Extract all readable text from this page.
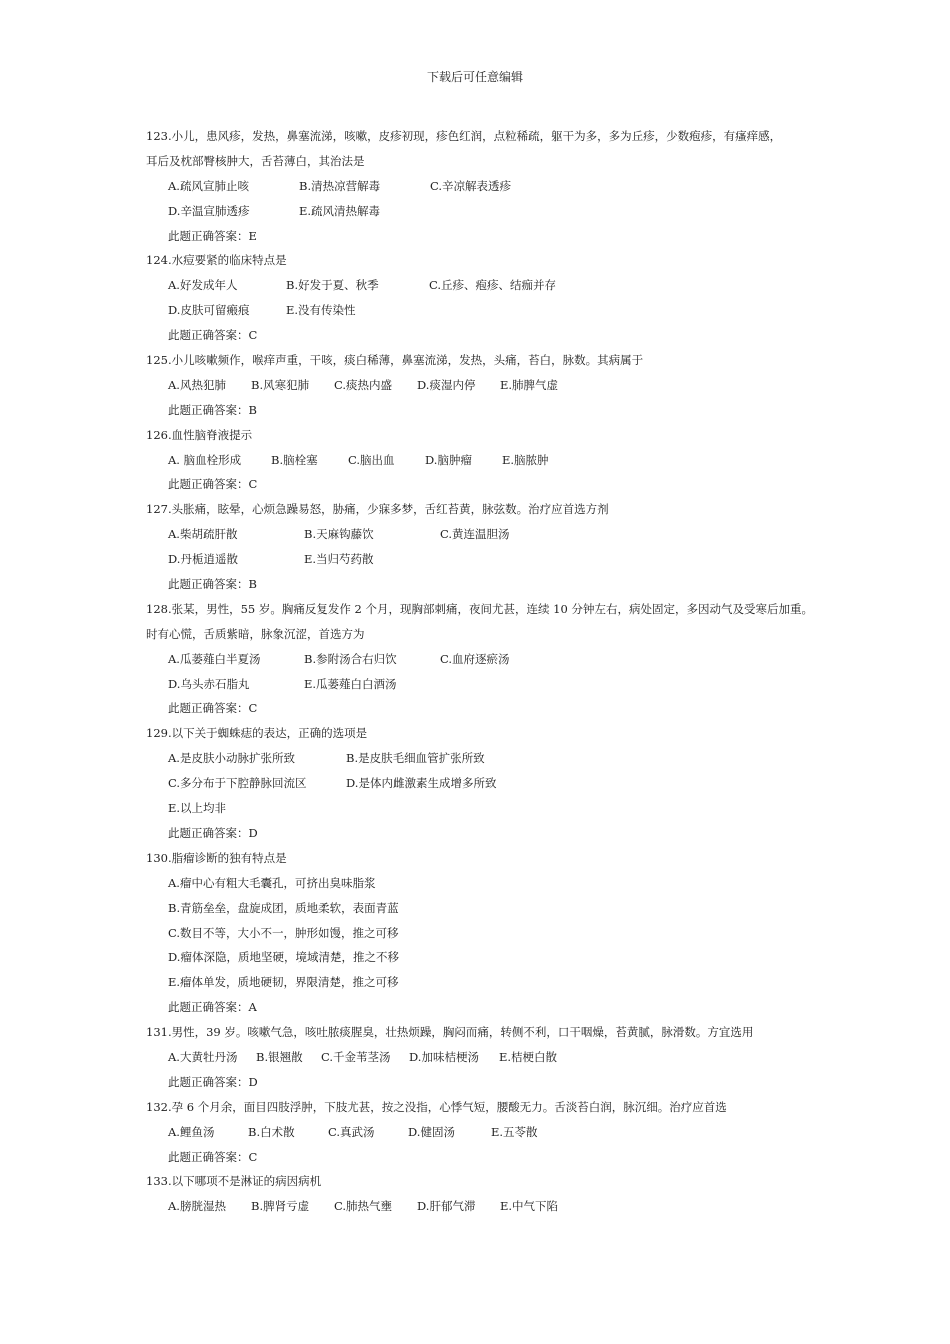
下载后可任意编辑
123.小儿，患风疹，发热，鼻塞流涕，咳嗽，皮疹初现，疹色红润，点粒稀疏，躯干为多，多为丘疹，少数疱疹，有瘙痒感，
耳后及枕部臀核肿大，舌苔薄白，其治法是
A.疏风宣肺止咳	B.清热凉营解毒	C.辛凉解表透疹
D.辛温宣肺透疹	E.疏风清热解毒
此题正确答案：E
124.水痘要紧的临床特点是
A.好发成年人	B.好发于夏、秋季	C.丘疹、疱疹、结痂并存
D.皮肤可留瘢痕	E.没有传染性
此题正确答案：C
125.小儿咳嗽频作，喉痒声重，干咳，痰白稀薄，鼻塞流涕，发热，头痛，苔白，脉数。其病属于
A.风热犯肺	B.风寒犯肺	C.痰热内盛	D.痰湿内停	E.肺脾气虚
此题正确答案：B
126.血性脑脊液提示
A. 脑血栓形成	B.脑栓塞	C.脑出血	D.脑肿瘤	E.脑脓肿
此题正确答案：C
127.头胀痛，眩晕，心烦急躁易怒，胁痛，少寐多梦，舌红苔黄，脉弦数。治疗应首选方剂
A.柴胡疏肝散	B.天麻钩藤饮	C.黄连温胆汤
D.丹栀逍遥散	E.当归芍药散
此题正确答案：B
128.张某，男性，55 岁。胸痛反复发作 2 个月，现胸部刺痛，夜间尤甚，连续 10 分钟左右，病处固定，多因动气及受寒后加重。
时有心慌，舌质紫暗，脉象沉涩，首选方为
A.瓜蒌薤白半夏汤	B.参附汤合右归饮	C.血府逐瘀汤
D.乌头赤石脂丸	E.瓜蒌薤白白酒汤
此题正确答案：C
129.以下关于蜘蛛痣的表达，正确的选项是
A.是皮肤小动脉扩张所致	B.是皮肤毛细血管扩张所致
C.多分布于下腔静脉回流区	D.是体内雌激素生成增多所致
E.以上均非
此题正确答案：D
130.脂瘤诊断的独有特点是
A.瘤中心有粗大毛囊孔，可挤出臭味脂浆
B.青筋垒垒，盘旋成团，质地柔软，表面青蓝
C.数目不等，大小不一，肿形如馒，推之可移
D.瘤体深隐，质地坚硬，境域清楚，推之不移
E.瘤体单发，质地硬韧，界限清楚，推之可移
此题正确答案：A
131.男性，39 岁。咳嗽气急，咳吐脓痰腥臭，壮热烦躁，胸闷而痛，转侧不利，口干咽燥，苔黄腻，脉滑数。方宜选用
A.大黄牡丹汤	B.银翘散	C.千金苇茎汤	D.加味桔梗汤	E.桔梗白散
此题正确答案：D
132.孕 6 个月余，面目四肢浮肿，下肢尤甚，按之没指，心悸气短，腰酸无力。舌淡苔白润，脉沉细。治疗应首选
A.鲤鱼汤	B.白术散	C.真武汤	D.健固汤	E.五苓散
此题正确答案：C
133.以下哪项不是淋证的病因病机
A.膀胱湿热	B.脾肾亏虚	C.肺热气壅	D.肝郁气滞	E.中气下陷
